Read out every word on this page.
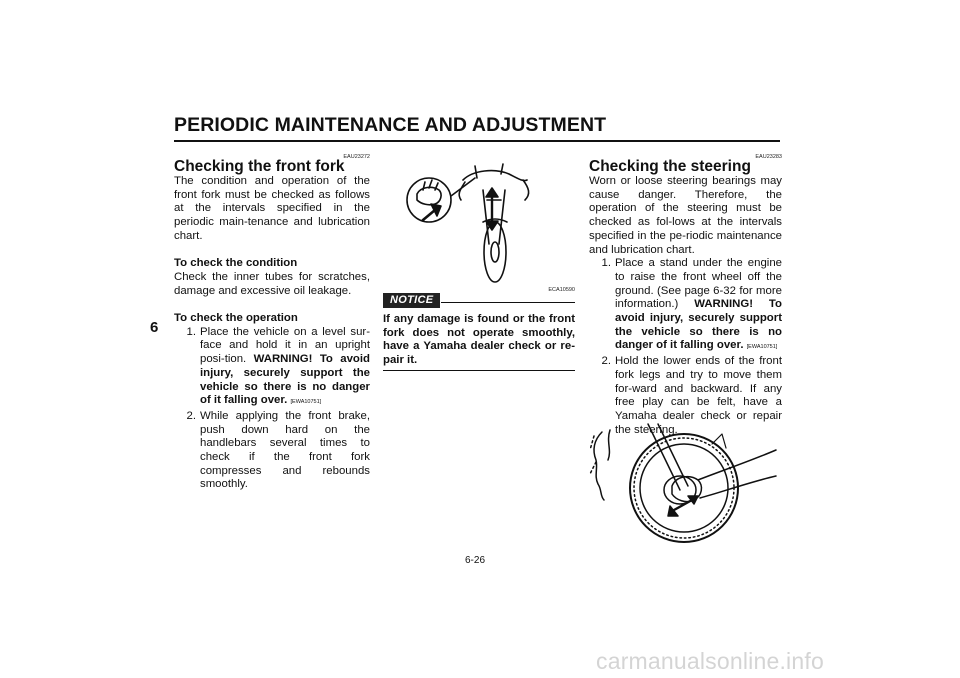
PERIODIC MAINTENANCE AND ADJUSTMENT
6
EAU23272
Checking the front fork

The condition and operation of the front fork must be checked as follows at the intervals specified in the periodic main-tenance and lubrication chart.

To check the condition

Check the inner tubes for scratches, damage and excessive oil leakage.

To check the operation

1. Place the vehicle on a level sur-face and hold it in an upright posi-tion. WARNING! To avoid injury, securely support the vehicle so there is no danger of it falling over. [EWA10751]
2. While applying the front brake, push down hard on the handlebars several times to check if the front fork compresses and rebounds smoothly.
ECA10590
NOTICE
If any damage is found or the front fork does not operate smoothly, have a Yamaha dealer check or re-pair it.
EAU23283
Checking the steering

Worn or loose steering bearings may cause danger. Therefore, the operation of the steering must be checked as fol-lows at the intervals specified in the pe-riodic maintenance and lubrication chart.

1. Place a stand under the engine to raise the front wheel off the ground. (See page 6-32 for more information.) WARNING! To avoid injury, securely support the vehicle so there is no danger of it falling over. [EWA10751]
2. Hold the lower ends of the front fork legs and try to move them for-ward and backward. If any free play can be felt, have a Yamaha dealer check or repair the steering.
6-26
carmanualsonline.info
